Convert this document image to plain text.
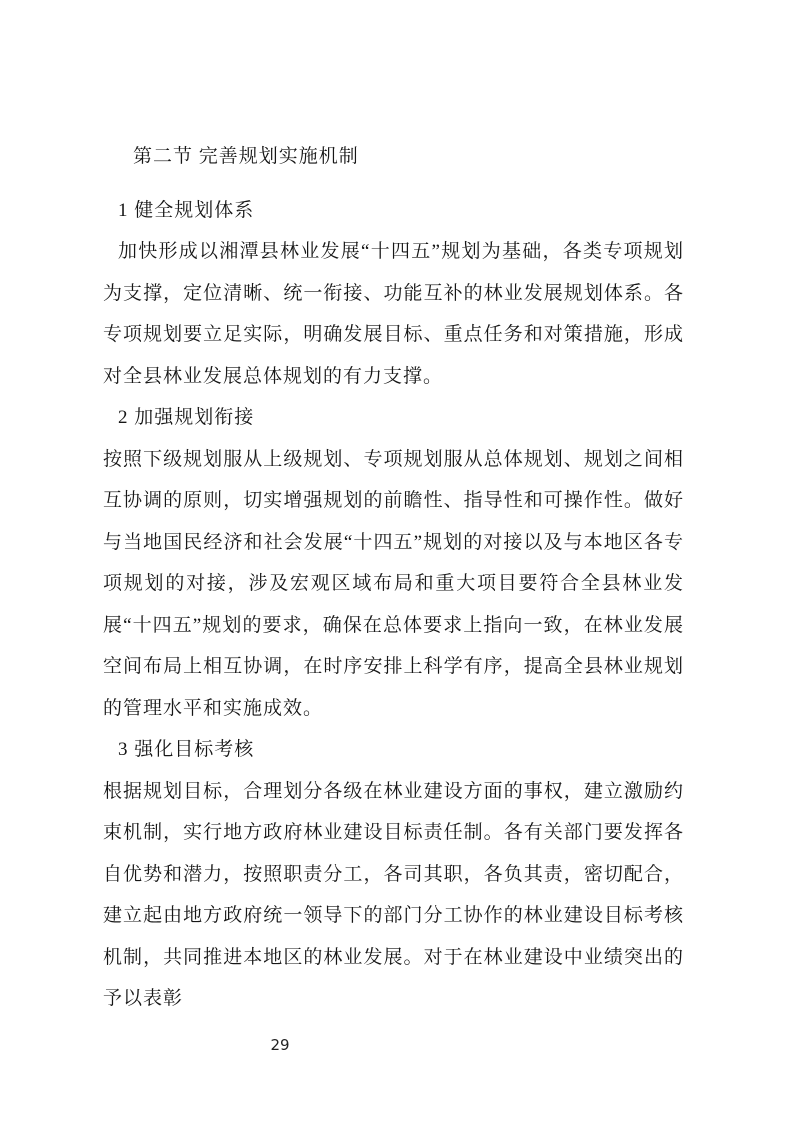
第二节 完善规划实施机制
1 健全规划体系

加快形成以湘潭县林业发展“十四五”规划为基础，各类专项规划为支撑，定位清晰、统一衔接、功能互补的林业发展规划体系。各专项规划要立足实际，明确发展目标、重点任务和对策措施，形成对全县林业发展总体规划的有力支撑。

2 加强规划衔接

按照下级规划服从上级规划、专项规划服从总体规划、规划之间相互协调的原则，切实增强规划的前瞻性、指导性和可操作性。做好与当地国民经济和社会发展“十四五”规划的对接以及与本地区各专项规划的对接，涉及宏观区域布局和重大项目要符合全县林业发展“十四五”规划的要求，确保在总体要求上指向一致，在林业发展空间布局上相互协调，在时序安排上科学有序，提高全县林业规划的管理水平和实施成效。

3 强化目标考核

根据规划目标，合理划分各级在林业建设方面的事权，建立激励约束机制，实行地方政府林业建设目标责任制。各有关部门要发挥各自优势和潜力，按照职责分工，各司其职，各负其责，密切配合，建立起由地方政府统一领导下的部门分工协作的林业建设目标考核机制，共同推进本地区的林业发展。对于在林业建设中业绩突出的予以表彰

29
